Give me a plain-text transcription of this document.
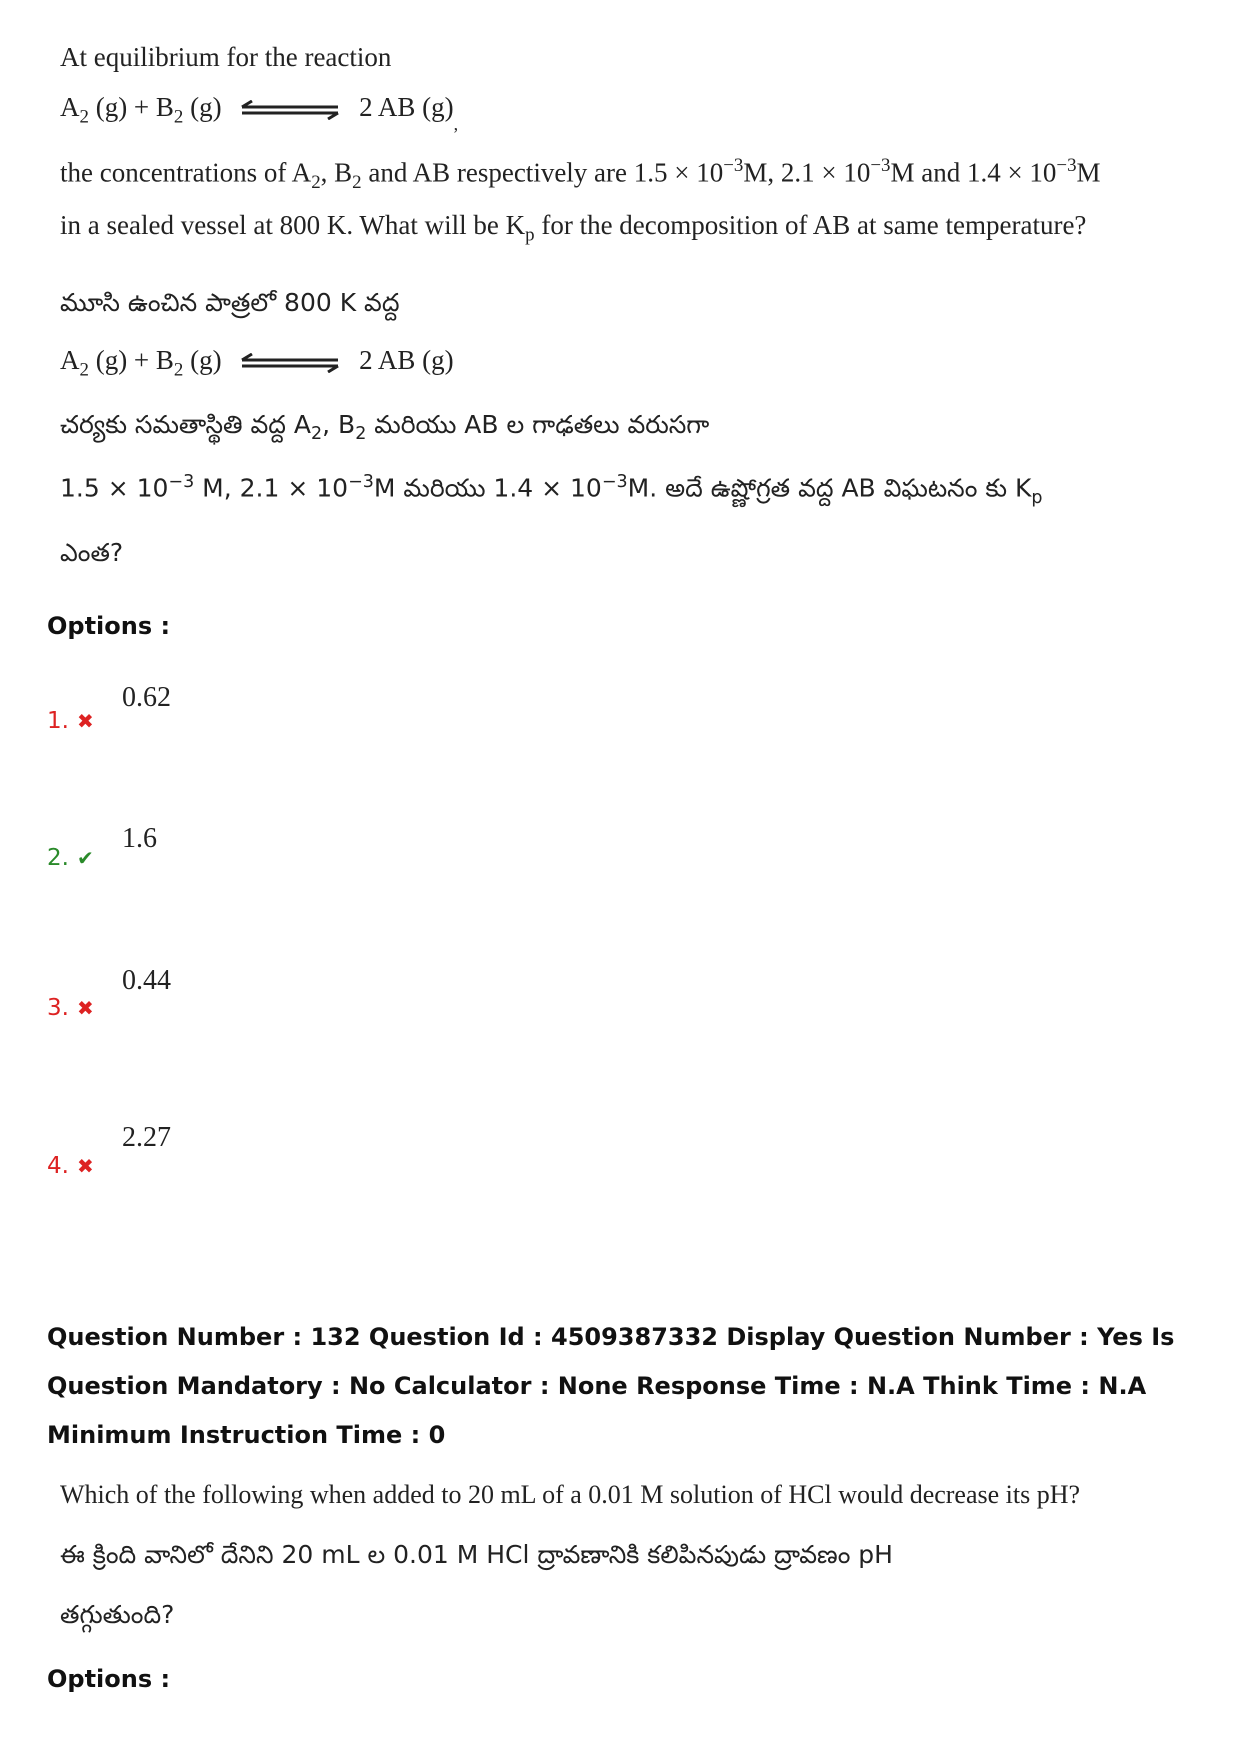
At equilibrium for the reaction
$A_2$ $(g) + B_2$ (g) ⇌ 2 AB $(g)_,$
the concentrations of $A_2$, $B_2$ and AB respectively are $1.5 \times 10^{-3}M$, $2.1 \times 10^{-3}M$ and $1.4 \times 10^{-3}M$
in a sealed vessel at 800 K. What will be $K_p$ for the decomposition of AB at same temperature?
మూసి ఉంచిన పాత్రలో 800 K వద్ద
$A_2$ $(g) + B_2$ (g) ⇌ 2 AB (g)
చర్యకు సమతాస్థితి వద్ద $A_2$, $B_2$ మరియు AB ల గాఢతలు వరుసగా
$1.5 \times 10^{-3}$ M, $2.1 \times 10^{-3}M$ మరియు $1.4 \times 10^{-3}M$. అదే ఉష్ణోగ్రత వద్ద AB విఘటనం కు $K_p$
ఎంత?
Options :
1. ✖
0.62
2. ✔
1.6
3. ✖
0.44
4. ✖
2.27
Question Number : 132 Question Id : 4509387332 Display Question Number : Yes Is Question Mandatory : No Calculator : None Response Time : N.A Think Time : N.A Minimum Instruction Time : 0
Which of the following when added to 20 mL of a 0.01 M solution of HCl would decrease its pH?
ఈ క్రింది వానిలో దేనిని 20 mL ల 0.01 M HCl ద్రావణానికి కలిపినపుడు ద్రావణం pH
తగ్గుతుంది?
Options :
